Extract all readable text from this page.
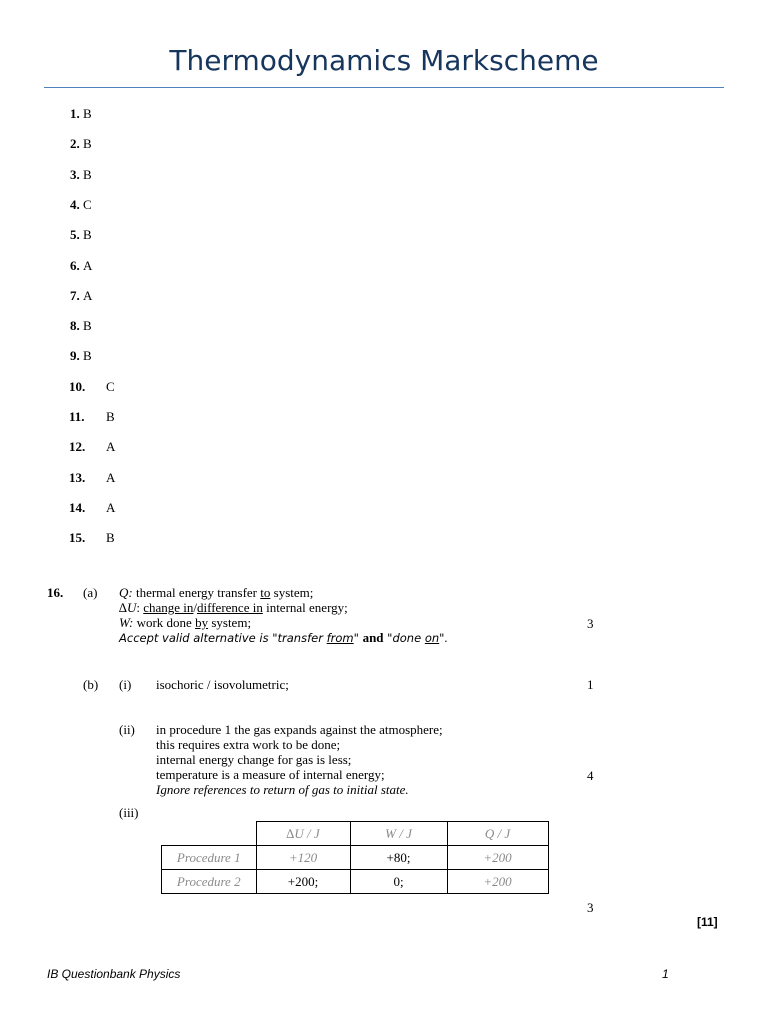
Thermodynamics Markscheme
1. B
2. B
3. B
4. C
5. B
6. A
7. A
8. B
9. B
10. C
11. B
12. A
13. A
14. A
15. B
16. (a) Q: thermal energy transfer to system;
∆U: change in/difference in internal energy;
W: work done by system;
Accept valid alternative is "transfer from" and "done on".
3
(b) (i) isochoric / isovolumetric;	1
(ii) in procedure 1 the gas expands against the atmosphere;
this requires extra work to be done;
internal energy change for gas is less;
temperature is a measure of internal energy;
Ignore references to return of gas to initial state.
4
(iii)
	∆U / J	W / J	Q / J
Procedure 1	+120	+80;	+200
Procedure 2	+200;	0;	+200
3
[11]
IB Questionbank Physics	1
